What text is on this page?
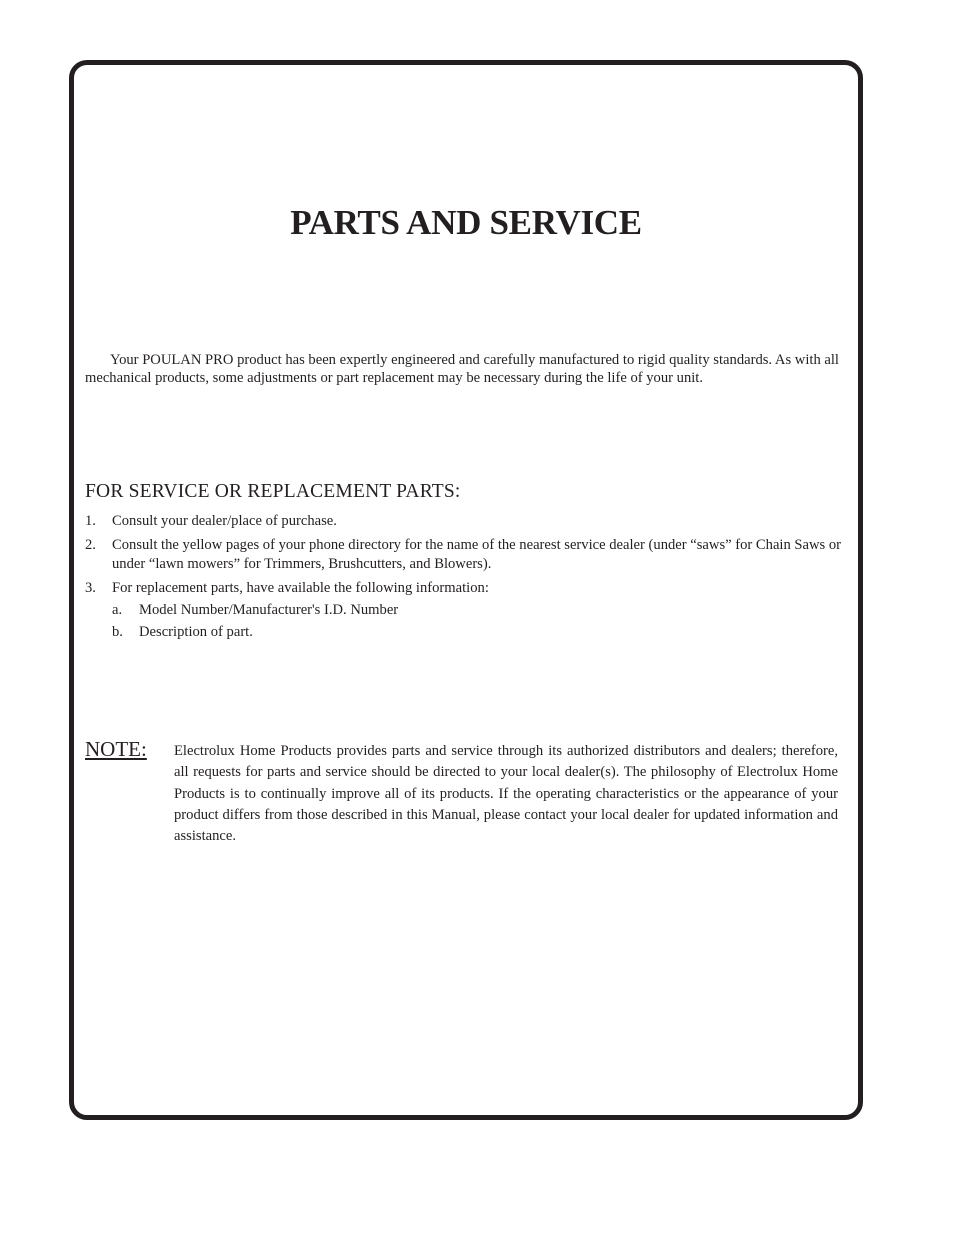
PARTS AND SERVICE

Your POULAN PRO product has been expertly engineered and carefully manufactured to rigid quality standards. As with all mechanical products, some adjustments or part replacement may be necessary during the life of your unit.

FOR SERVICE OR REPLACEMENT PARTS:
1. Consult your dealer/place of purchase.
2. Consult the yellow pages of your phone directory for the name of the nearest service dealer (under “saws” for Chain Saws or under “lawn mowers” for Trimmers, Brushcutters, and Blowers).
3. For replacement parts, have available the following information:
a. Model Number/Manufacturer's I.D. Number
b. Description of part.
NOTE: Electrolux Home Products provides parts and service through its authorized distributors and dealers; therefore, all requests for parts and service should be directed to your local dealer(s). The philosophy of Electrolux Home Products is to continually improve all of its products. If the operating characteristics or the appearance of your product differs from those described in this Manual, please contact your local dealer for updated information and assistance.
